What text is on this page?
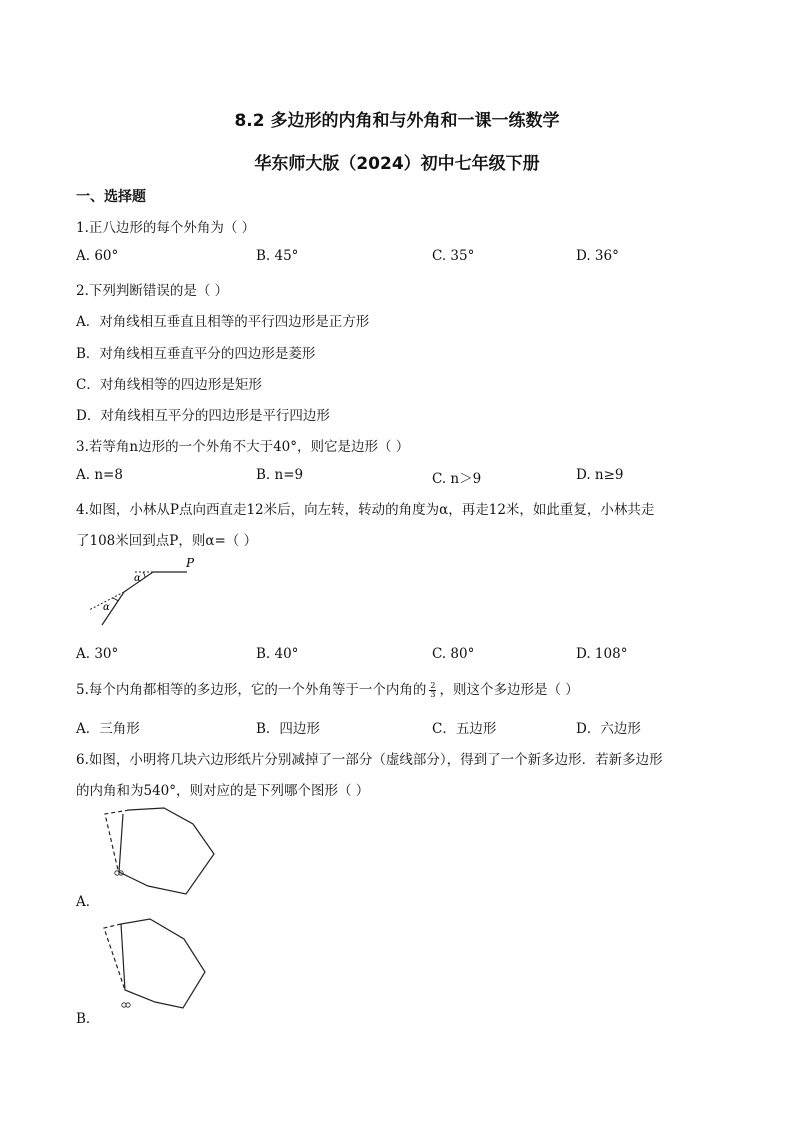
8.2 多边形的内角和与外角和一课一练数学
华东师大版（2024）初中七年级下册
一、选择题
1.正八边形的每个外角为（ ）
A. 60°	B. 45°	C. 35°	D. 36°
2.下列判断错误的是（ ）
A．对角线相互垂直且相等的平行四边形是正方形
B．对角线相互垂直平分的四边形是菱形
C．对角线相等的四边形是矩形
D．对角线相互平分的四边形是平行四边形
3.若等角n边形的一个外角不大于40°，则它是边形（ ）
A. n=8	B. n=9	C. n＞9	D. n≥9
4.如图，小林从P点向西直走12米后，向左转，转动的角度为α，再走12米，如此重复，小林共走
了108米回到点P，则α=（ ）
P
α
α
A. 30°	B. 40°	C. 80°	D. 108°
5.每个内角都相等的多边形，它的一个外角等于一个内角的 $\frac{2}{3}$ ，则这个多边形是（ ）
A．三角形	B．四边形	C．五边形	D．六边形
6.如图，小明将几块六边形纸片分别减掉了一部分（虚线部分），得到了一个新多边形．若新多边形
的内角和为540°，则对应的是下列哪个图形（ ）
A．
B．
